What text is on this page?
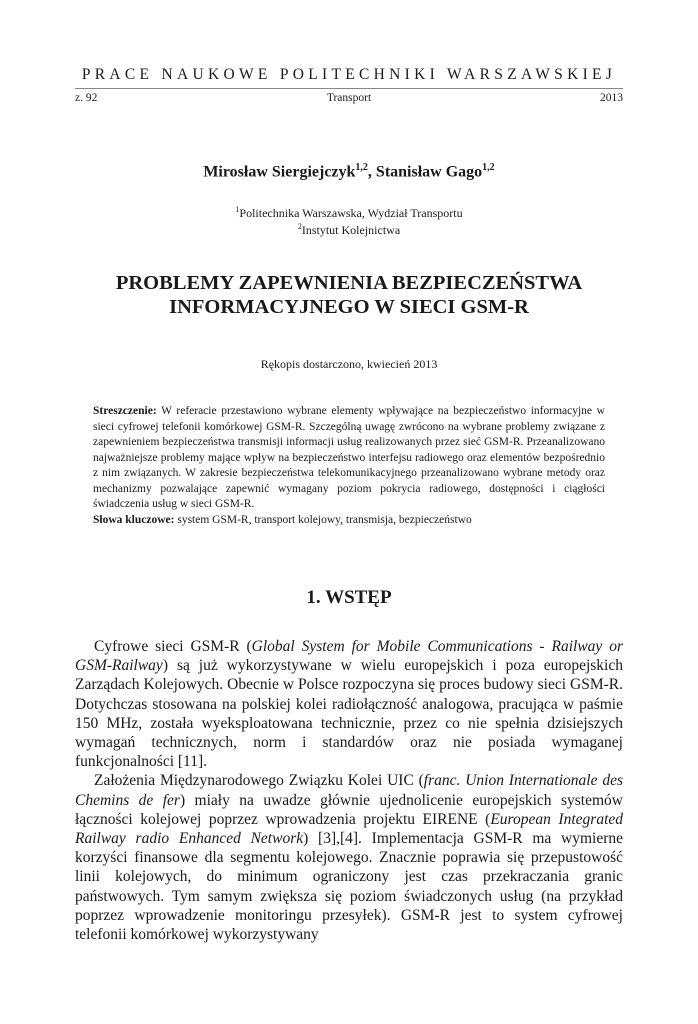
PRACE NAUKOWE POLITECHNIKI WARSZAWSKIEJ
z. 92	Transport	2013
Mirosław Siergiejczyk$^{1,2}$, Stanisław Gago$^{1,2}$
$^1$Politechnika Warszawska, Wydział Transportu
$^2$Instytut Kolejnictwa
PROBLEMY ZAPEWNIENIA BEZPIECZEŃSTWA
INFORMACYJNEGO W SIECI GSM-R
Rękopis dostarczono, kwiecień 2013

Streszczenie: W referacie przestawiono wybrane elementy wpływające na bezpieczeństwo informacyjne w sieci cyfrowej telefonii komórkowej GSM-R. Szczególną uwagę zwrócono na wybrane problemy związane z zapewnieniem bezpieczeństwa transmisji informacji usług realizowanych przez sieć GSM-R. Przeanalizowano najważniejsze problemy mające wpływ na bezpieczeństwo interfejsu radiowego oraz elementów bezpośrednio z nim związanych. W zakresie bezpieczeństwa telekomunikacyjnego przeanalizowano wybrane metody oraz mechanizmy pozwalające zapewnić wymagany poziom pokrycia radiowego, dostępności i ciągłości świadczenia usług w sieci GSM-R.

Słowa kluczowe: system GSM-R, transport kolejowy, transmisja, bezpieczeństwo

1. WSTĘP

Cyfrowe sieci GSM-R (Global System for Mobile Communications - Railway or GSM-Railway) są już wykorzystywane w wielu europejskich i poza europejskich Zarządach Kolejowych. Obecnie w Polsce rozpoczyna się proces budowy sieci GSM-R. Dotychczas stosowana na polskiej kolei radiołączność analogowa, pracująca w paśmie 150 MHz, została wyeksploatowana technicznie, przez co nie spełnia dzisiejszych wymagań technicznych, norm i standardów oraz nie posiada wymaganej funkcjonalności [11].

Założenia Międzynarodowego Związku Kolei UIC (franc. Union Internationale des Chemins de fer) miały na uwadze głównie ujednolicenie europejskich systemów łączności kolejowej poprzez wprowadzenia projektu EIRENE (European Integrated Railway radio Enhanced Network) [3],[4]. Implementacja GSM-R ma wymierne korzyści finansowe dla segmentu kolejowego. Znacznie poprawia się przepustowość linii kolejowych, do minimum ograniczony jest czas przekraczania granic państwowych. Tym samym zwiększa się poziom świadczonych usług (na przykład poprzez wprowadzenie monitoringu przesyłek). GSM-R jest to system cyfrowej telefonii komórkowej wykorzystywany
